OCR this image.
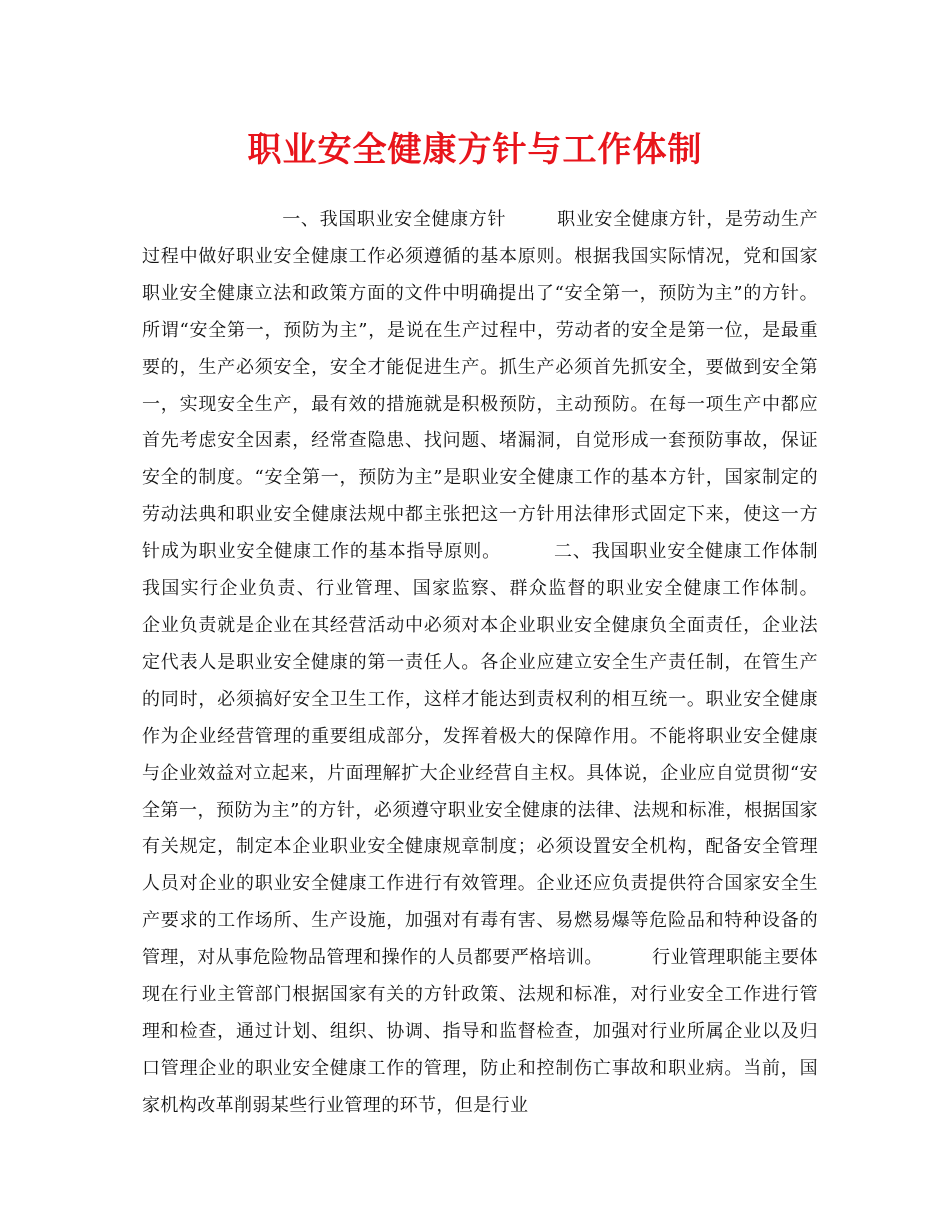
职业安全健康方针与工作体制
一、我国职业安全健康方针        职业安全健康方针，是劳动生产过程中做好职业安全健康工作必须遵循的基本原则。根据我国实际情况，党和国家职业安全健康立法和政策方面的文件中明确提出了“安全第一，预防为主”的方针。所谓“安全第一，预防为主”，是说在生产过程中，劳动者的安全是第一位，是最重要的，生产必须安全，安全才能促进生产。抓生产必须首先抓安全，要做到安全第一，实现安全生产，最有效的措施就是积极预防，主动预防。在每一项生产中都应首先考虑安全因素，经常查隐患、找问题、堵漏洞，自觉形成一套预防事故，保证安全的制度。“安全第一，预防为主”是职业安全健康工作的基本方针，国家制定的劳动法典和职业安全健康法规中都主张把这一方针用法律形式固定下来，使这一方针成为职业安全健康工作的基本指导原则。        二、我国职业安全健康工作体制        我国实行企业负责、行业管理、国家监察、群众监督的职业安全健康工作体制。        企业负责就是企业在其经营活动中必须对本企业职业安全健康负全面责任，企业法定代表人是职业安全健康的第一责任人。各企业应建立安全生产责任制，在管生产的同时，必须搞好安全卫生工作，这样才能达到责权利的相互统一。职业安全健康作为企业经营管理的重要组成部分，发挥着极大的保障作用。不能将职业安全健康与企业效益对立起来，片面理解扩大企业经营自主权。具体说，企业应自觉贯彻“安全第一，预防为主”的方针，必须遵守职业安全健康的法律、法规和标准，根据国家有关规定，制定本企业职业安全健康规章制度；必须设置安全机构，配备安全管理人员对企业的职业安全健康工作进行有效管理。企业还应负责提供符合国家安全生产要求的工作场所、生产设施，加强对有毒有害、易燃易爆等危险品和特种设备的管理，对从事危险物品管理和操作的人员都要严格培训。        行业管理职能主要体现在行业主管部门根据国家有关的方针政策、法规和标准，对行业安全工作进行管理和检查，通过计划、组织、协调、指导和监督检查，加强对行业所属企业以及归口管理企业的职业安全健康工作的管理，防止和控制伤亡事故和职业病。当前，国家机构改革削弱某些行业管理的环节，但是行业
